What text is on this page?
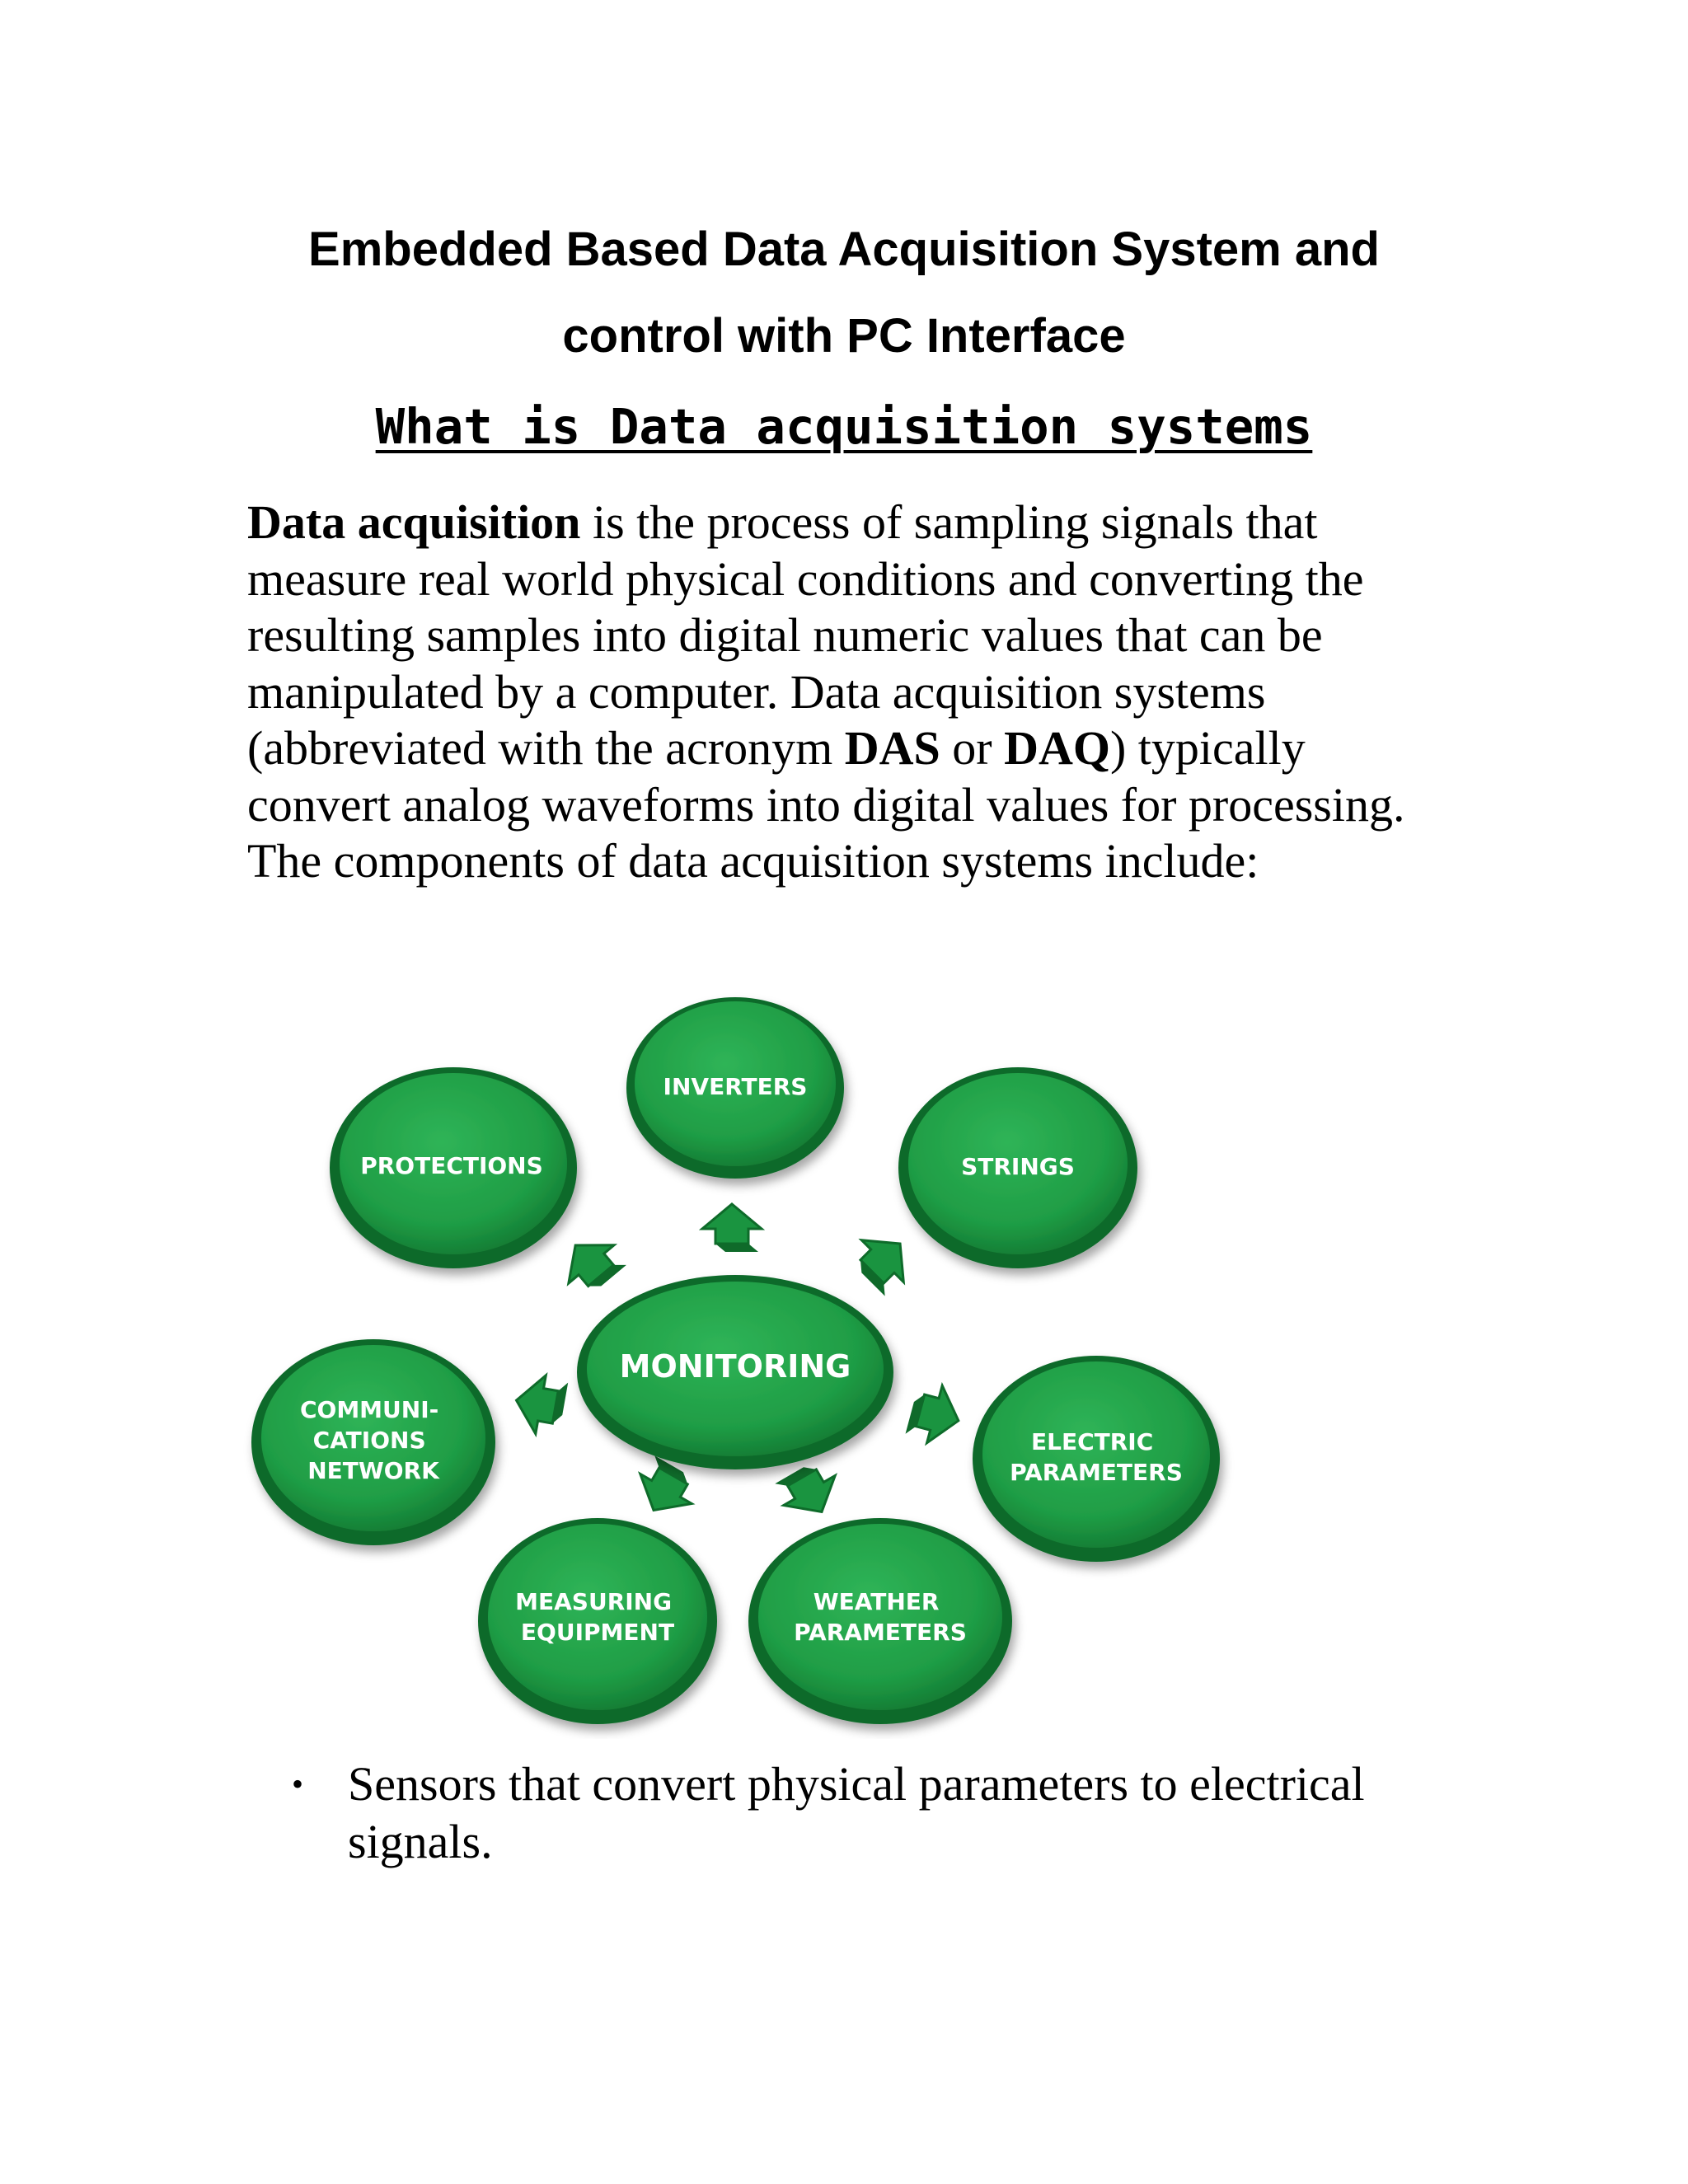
Embedded Based Data Acquisition System and
control with PC Interface
What is Data acquisition systems

Data acquisition is the process of sampling signals that measure real world physical conditions and converting the resulting samples into digital numeric values that can be manipulated by a computer. Data acquisition systems (abbreviated with the acronym DAS or DAQ) typically convert analog waveforms into digital values for processing. The components of data acquisition systems include:

MONITORING
INVERTERS
PROTECTIONS	STRINGS
COMMUNI- CATIONS NETWORK
ELECTRIC PARAMETERS
MEASURING EQUIPMENT
WEATHER PARAMETERS
• Sensors that convert physical parameters to electrical signals.
